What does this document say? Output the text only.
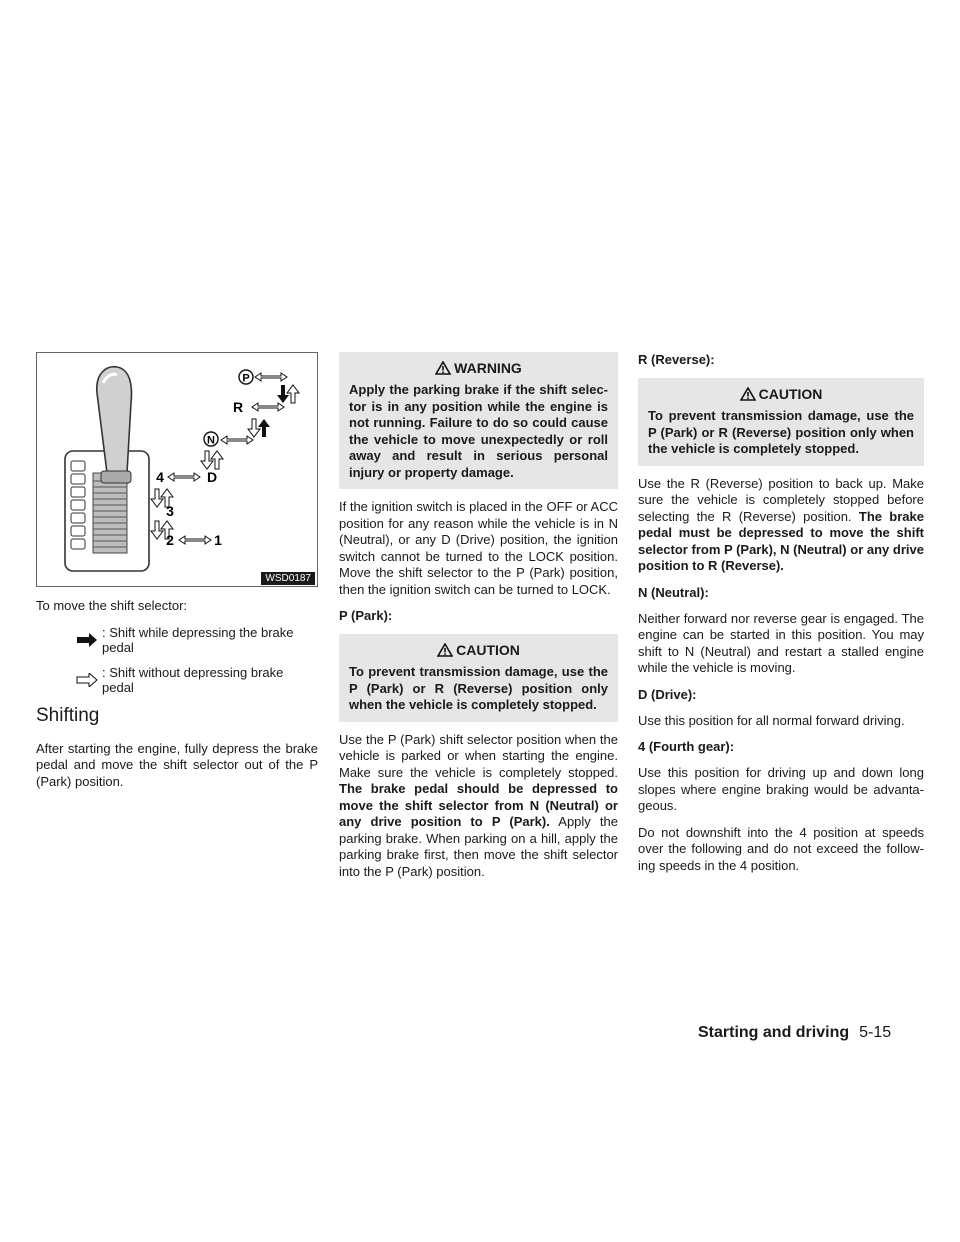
P
R
N
4	D
3
2	1
WSD0187

To move the shift selector:

: Shift while depressing the brake pedal
: Shift without depressing brake pedal
Shifting

After starting the engine, fully depress the brake pedal and move the shift selector out of the P (Park) position.

WARNING
Apply the parking brake if the shift selec- tor is in any position while the engine is not running. Failure to do so could cause the vehicle to move unexpectedly or roll away and result in serious personal injury or property damage.

If the ignition switch is placed in the OFF or ACC position for any reason while the vehicle is in N (Neutral), or any D (Drive) position, the ignition switch cannot be turned to the LOCK position. Move the shift selector to the P (Park) position, then the ignition switch can be turned to LOCK.

P (Park):
CAUTION
To prevent transmission damage, use the P (Park) or R (Reverse) position only when the vehicle is completely stopped.

Use the P (Park) shift selector position when the vehicle is parked or when starting the engine. Make sure the vehicle is completely stopped. The brake pedal should be depressed to move the shift selector from N (Neutral) or any drive position to P (Park). Apply the parking brake. When parking on a hill, apply the parking brake first, then move the shift selector into the P (Park) position.

R (Reverse):
CAUTION
To prevent transmission damage, use the P (Park) or R (Reverse) position only when the vehicle is completely stopped.

Use the R (Reverse) position to back up. Make sure the vehicle is completely stopped before selecting the R (Reverse) position. The brake pedal must be depressed to move the shift selector from P (Park), N (Neutral) or any drive position to R (Reverse).

N (Neutral):

Neither forward nor reverse gear is engaged. The engine can be started in this position. You may shift to N (Neutral) and restart a stalled engine while the vehicle is moving.

D (Drive):

Use this position for all normal forward driving.

4 (Fourth gear):

Use this position for driving up and down long slopes where engine braking would be advanta- geous.

Do not downshift into the 4 position at speeds over the following and do not exceed the follow- ing speeds in the 4 position.

Starting and driving 5-15
